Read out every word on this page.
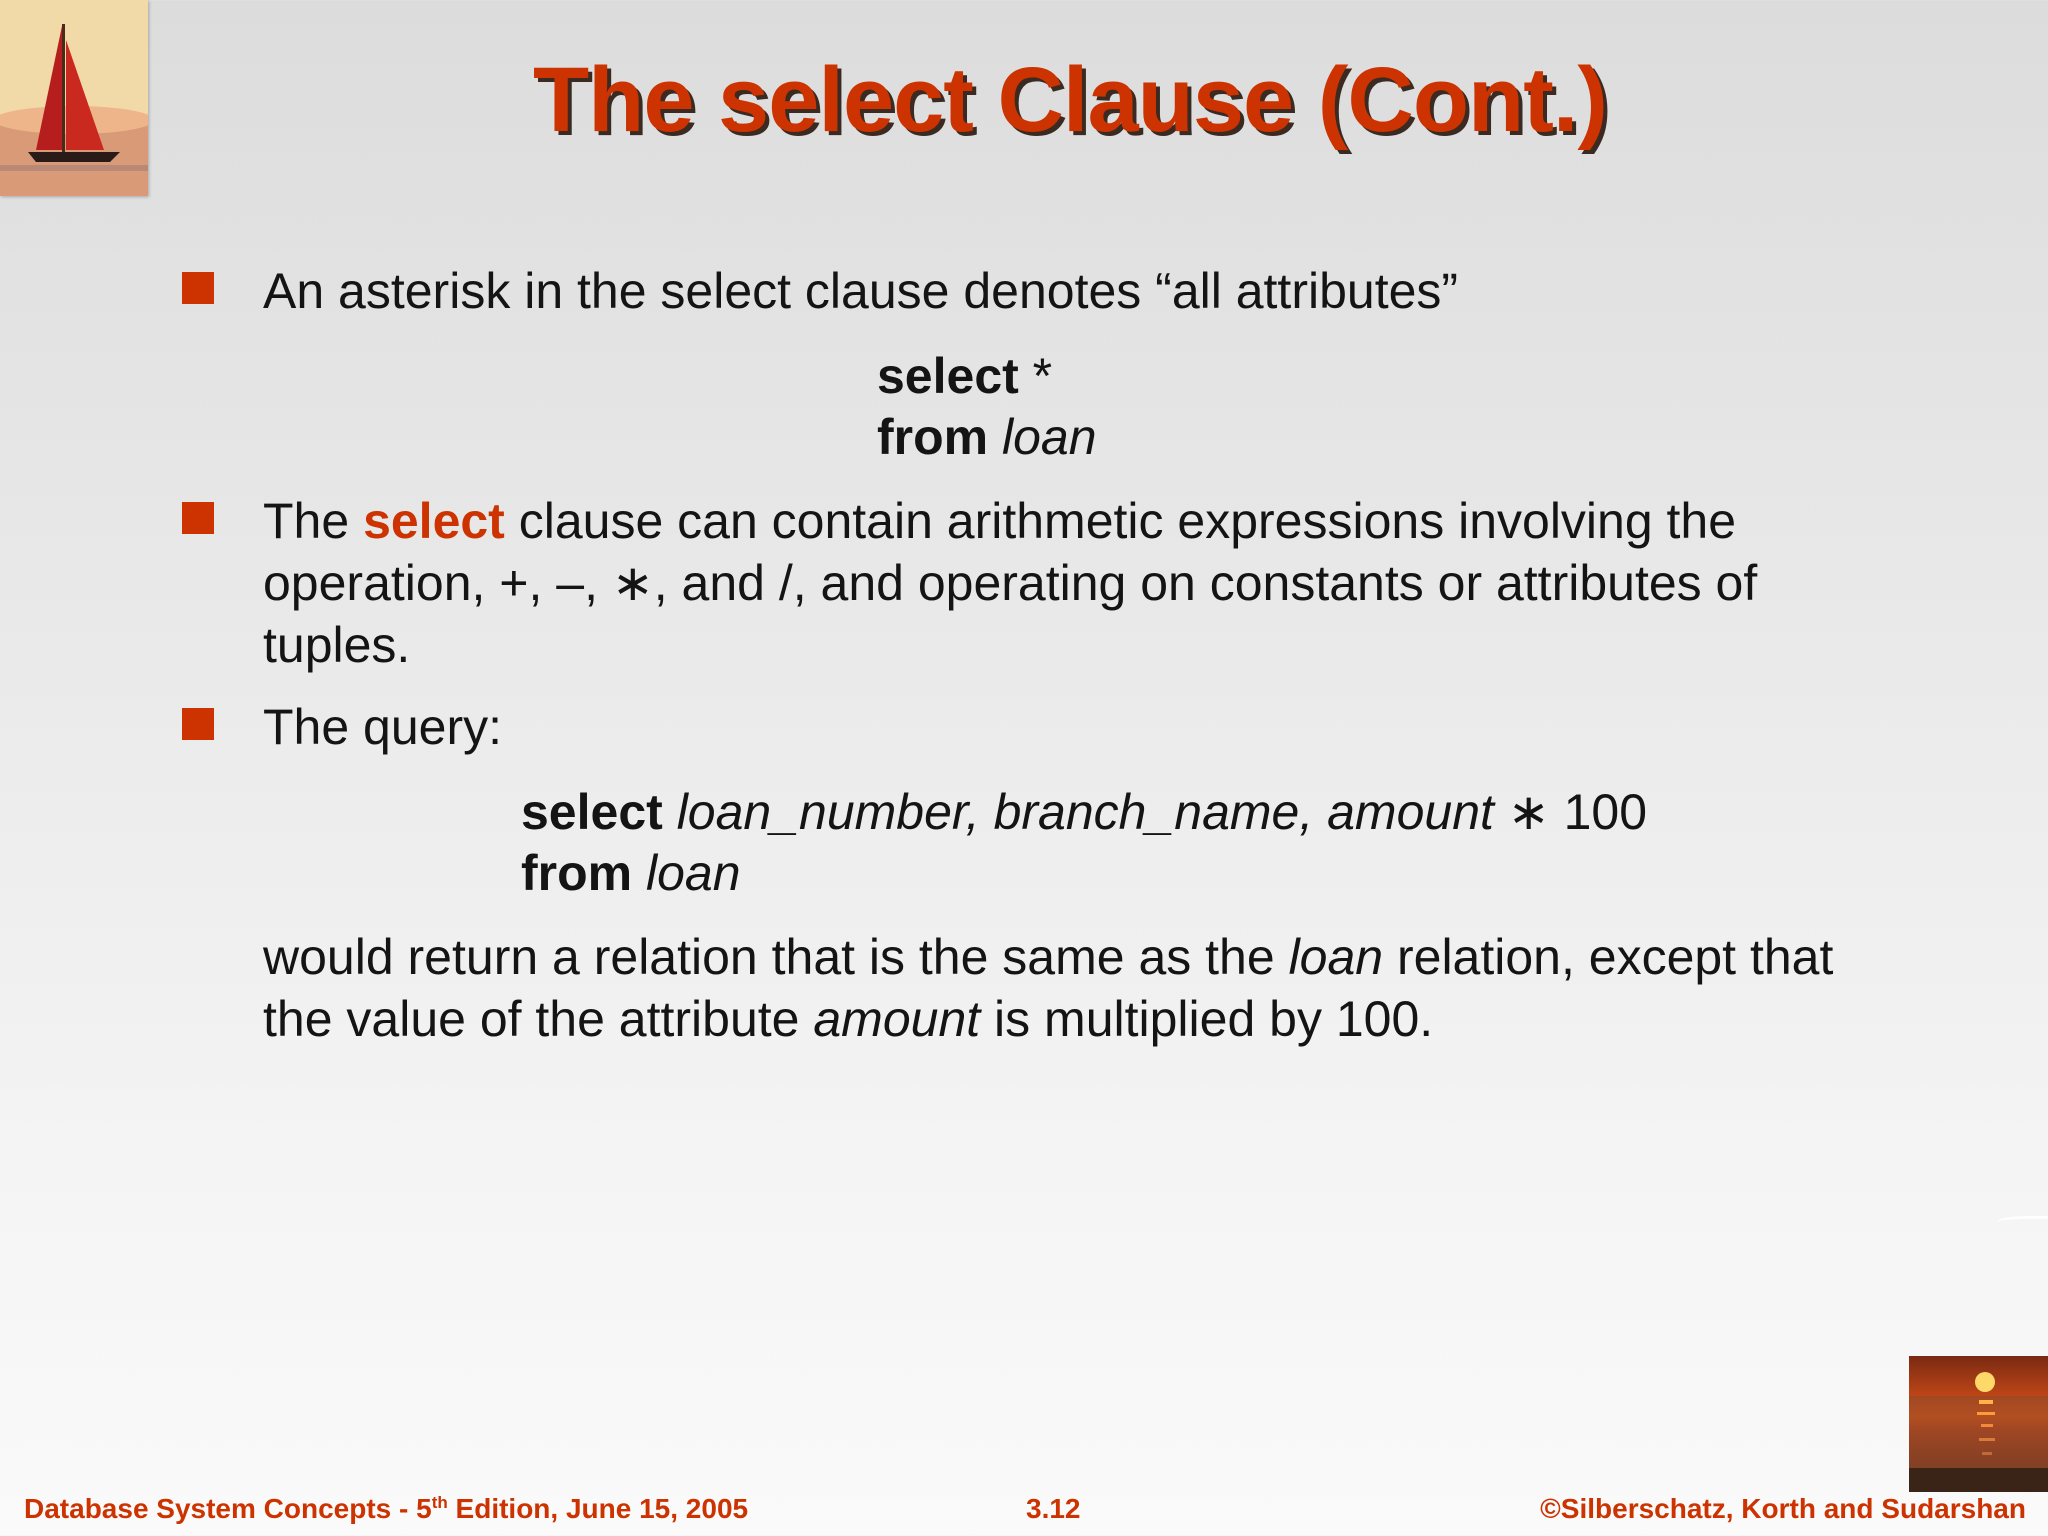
The select Clause (Cont.)
An asterisk in the select clause denotes “all attributes”
select *
from loan
The select clause can contain arithmetic expressions involving the
operation, +, –, ∗, and /, and operating on constants or attributes of
tuples.
The query:
select loan_number, branch_name, amount ∗ 100
from loan
would return a relation that is the same as the loan relation, except that
the value of the attribute amount is multiplied by 100.
Database System Concepts - 5th Edition, June 15, 2005	3.12	©Silberschatz, Korth and Sudarshan
